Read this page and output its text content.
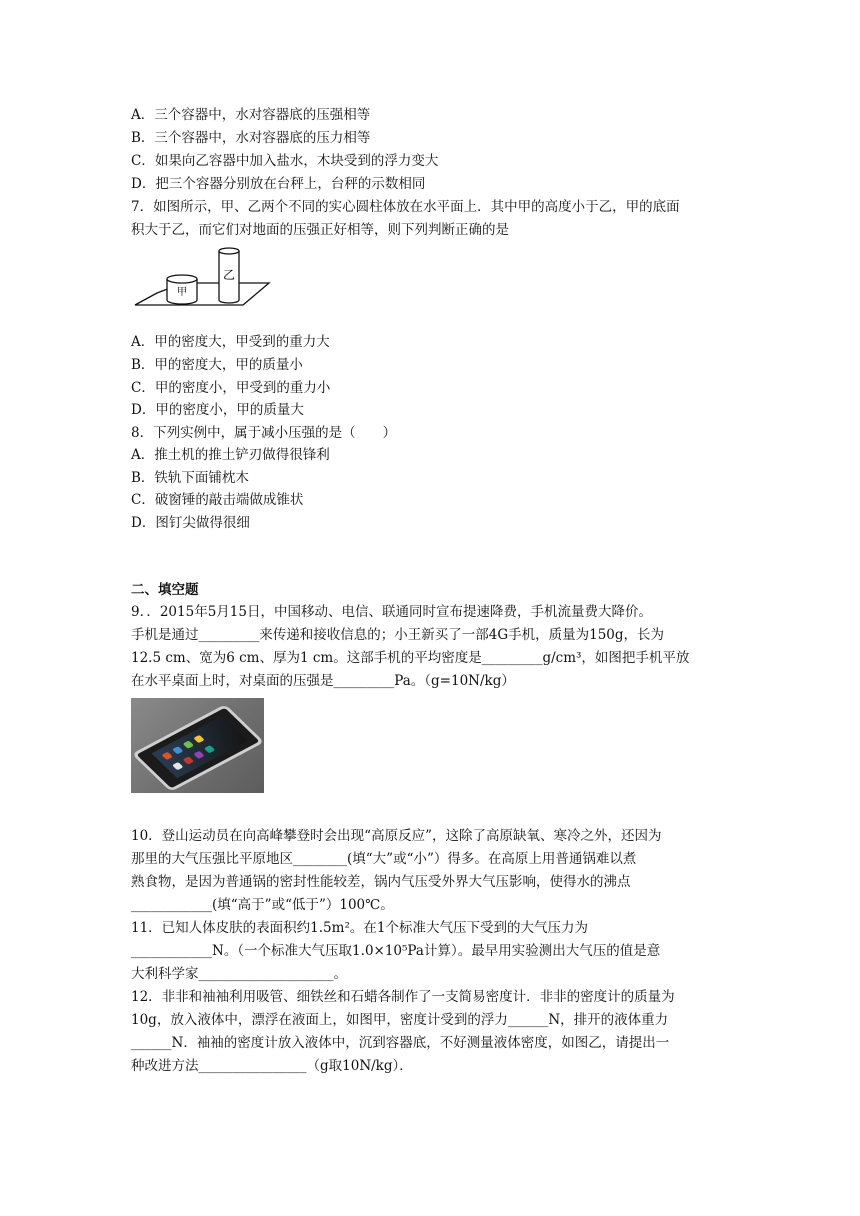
A．三个容器中，水对容器底的压强相等
B．三个容器中，水对容器底的压力相等
C．如果向乙容器中加入盐水，木块受到的浮力变大
D．把三个容器分别放在台秤上，台秤的示数相同
7．如图所示，甲、乙两个不同的实心圆柱体放在水平面上．其中甲的高度小于乙，甲的底面
积大于乙，而它们对地面的压强正好相等，则下列判断正确的是
甲
乙
A．甲的密度大，甲受到的重力大
B．甲的密度大，甲的质量小
C．甲的密度小，甲受到的重力小
D．甲的密度小，甲的质量大
8．下列实例中，属于减小压强的是（　　）
A．推土机的推土铲刃做得很锋利
B．铁轨下面铺枕木
C．破窗锤的敲击端做成锥状
D．图钉尖做得很细
二、填空题
9．．2015年5月15日，中国移动、电信、联通同时宣布提速降费，手机流量费大降价。
手机是通过_________来传递和接收信息的；小王新买了一部4G手机，质量为150g，长为
12.5 cm、宽为6 cm、厚为1 cm。这部手机的平均密度是_________g/cm³，如图把手机平放
在水平桌面上时，对桌面的压强是_________Pa。（g=10N/kg）
10．登山运动员在向高峰攀登时会出现“高原反应”，这除了高原缺氧、寒冷之外，还因为
那里的大气压强比平原地区________(填“大”或“小”）得多。在高原上用普通锅难以煮
熟食物，是因为普通锅的密封性能较差，锅内气压受外界大气压影响，使得水的沸点
____________(填“高于”或“低于”）100℃。
11．已知人体皮肤的表面积约1.5m²。在1个标准大气压下受到的大气压力为
____________N。（一个标准大气压取1.0×10⁵Pa计算）。最早用实验测出大气压的值是意
大利科学家____________________。
12．非非和袖袖利用吸管、细铁丝和石蜡各制作了一支简易密度计．非非的密度计的质量为
10g，放入液体中，漂浮在液面上，如图甲，密度计受到的浮力______N，排开的液体重力
______N．袖袖的密度计放入液体中，沉到容器底，不好测量液体密度，如图乙，请提出一
种改进方法________________（g取10N/kg）．
